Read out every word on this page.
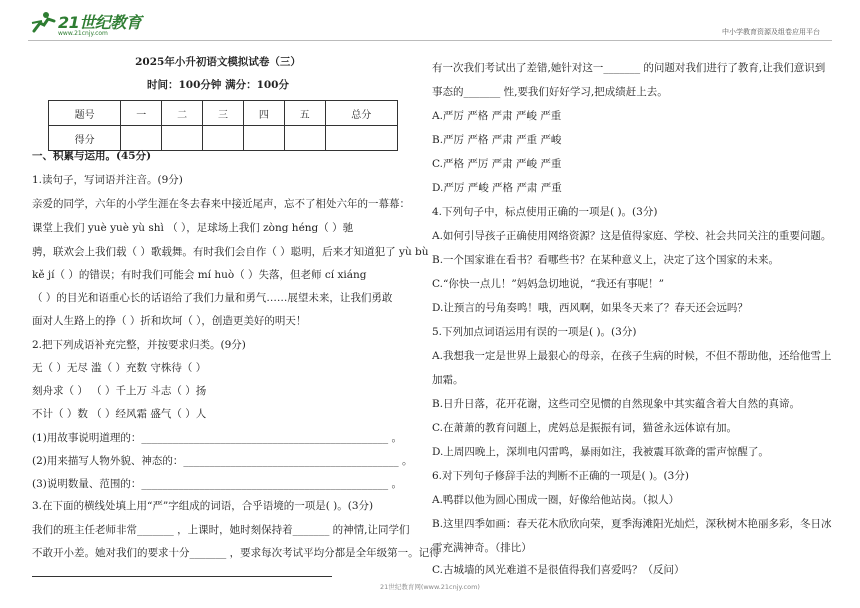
21世纪教育
www.21cnjy.com	中小学教育资源及组卷应用平台
2025年小升初语文模拟试卷（三）
时间：100分钟 满分：100分
题号	一	二	三	四	五	总分
得分						
一、积累与运用。(45分)
1.读句子，写词语并注音。(9分)
亲爱的同学，六年的小学生涯在冬去春来中接近尾声，忘不了相处六年的一幕幕：
课堂上我们 yuè yuè yù shì （ ），足球场上我们 zòng héng（ ）驰
骋，联欢会上我们载（ ）歌载舞。有时我们会自作（ ）聪明，后来才知道犯了 yù bù
kě jí（ ）的错误；有时我们可能会 mí huò（ ）失落，但老师 cí xiáng
（ ）的目光和语重心长的话语给了我们力量和勇气……展望未来，让我们勇敢
面对人生路上的挣（ ）折和坎坷（ ），创造更美好的明天！
2.把下列成语补充完整，并按要求归类。(9分)
无（ ）无尽 滥（ ）充数 守株待（ ）
刻舟求（ ） （ ）千上万 斗志（ ）扬
不计（ ）数 （ ）经风霜 盛气（ ）人
(1)用故事说明道理的：_______________________________________________ 。
(2)用来描写人物外貌、神态的：_________________________________________ 。
(3)说明数量、范围的：_______________________________________________ 。
3.在下面的横线处填上用“严”字组成的词语，合乎语境的一项是( )。(3分)
我们的班主任老师非常_______ ，上课时，她时刻保持着_______ 的神情,让同学们
不敢开小差。她对我们的要求十分_______ ，要求每次考试平均分都是全年级第一。记得
有一次我们考试出了差错,她针对这一_______ 的问题对我们进行了教育,让我们意识到
事态的_______ 性,要我们好好学习,把成绩赶上去。
A.严厉 严格 严肃 严峻 严重
B.严厉 严格 严肃 严重 严峻
C.严格 严厉 严肃 严峻 严重
D.严厉 严峻 严格 严肃 严重
4.下列句子中，标点使用正确的一项是( )。(3分)
A.如何引导孩子正确使用网络资源？这是值得家庭、学校、社会共同关注的重要问题。
B.一个国家谁在看书？看哪些书？在某种意义上，决定了这个国家的未来。
C.“你快一点儿！”妈妈急切地说，“我还有事呢！”
D.让预言的号角奏鸣！哦，西风啊，如果冬天来了？春天还会远吗？
5.下列加点词语运用有误的一项是( )。(3分)
A.我想我一定是世界上最狠心的母亲，在孩子生病的时候，不但不帮助他，还给他雪上
加霜。
B.日升日落，花开花谢，这些司空见惯的自然现象中其实蕴含着大自然的真谛。
C.在萧萧的教育问题上，虎妈总是振振有词，猫爸永远体谅有加。
D.上周四晚上，深圳电闪雷鸣，暴雨如注，我被震耳欲聋的雷声惊醒了。
6.对下列句子修辞手法的判断不正确的一项是( )。(3分)
A.鸭群以他为圆心围成一圈，好像给他站岗。（拟人）
B.这里四季如画：春天花木欣欣向荣，夏季海滩阳光灿烂，深秋树木艳丽多彩，冬日冰
雪充满神奇。（排比）
C.古城墙的风光难道不是很值得我们喜爱吗？（反问）
21世纪教育网(www.21cnjy.com)
